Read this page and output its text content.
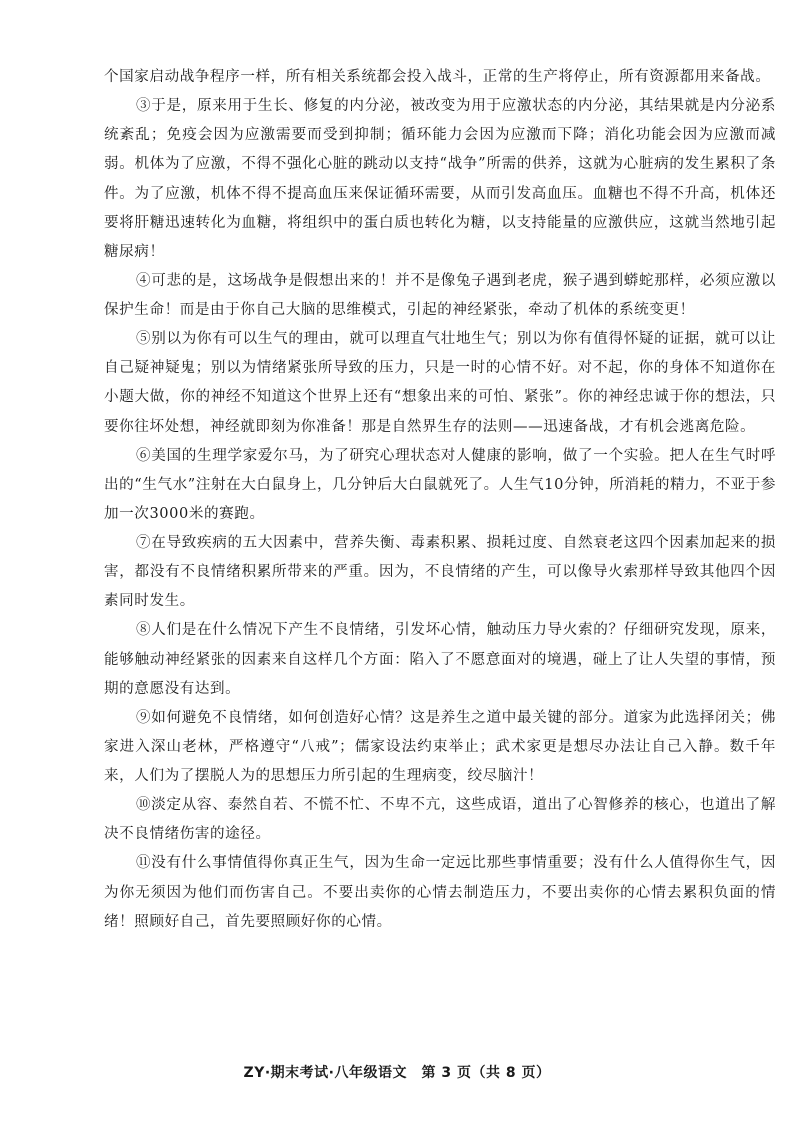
个国家启动战争程序一样，所有相关系统都会投入战斗，正常的生产将停止，所有资源都用来备战。

③于是，原来用于生长、修复的内分泌，被改变为用于应激状态的内分泌，其结果就是内分泌系统紊乱；免疫会因为应激需要而受到抑制；循环能力会因为应激而下降；消化功能会因为应激而减弱。机体为了应激，不得不强化心脏的跳动以支持“战争”所需的供养，这就为心脏病的发生累积了条件。为了应激，机体不得不提高血压来保证循环需要，从而引发高血压。血糖也不得不升高，机体还要将肝糖迅速转化为血糖，将组织中的蛋白质也转化为糖，以支持能量的应激供应，这就当然地引起糖尿病！

④可悲的是，这场战争是假想出来的！并不是像兔子遇到老虎，猴子遇到蟒蛇那样，必须应激以保护生命！而是由于你自己大脑的思维模式，引起的神经紧张，牵动了机体的系统变更！

⑤别以为你有可以生气的理由，就可以理直气壮地生气；别以为你有值得怀疑的证据，就可以让自己疑神疑鬼；别以为情绪紧张所导致的压力，只是一时的心情不好。对不起，你的身体不知道你在小题大做，你的神经不知道这个世界上还有“想象出来的可怕、紧张”。你的神经忠诚于你的想法，只要你往坏处想，神经就即刻为你准备！那是自然界生存的法则——迅速备战，才有机会逃离危险。

⑥美国的生理学家爱尔马，为了研究心理状态对人健康的影响，做了一个实验。把人在生气时呼出的“生气水”注射在大白鼠身上，几分钟后大白鼠就死了。人生气10分钟，所消耗的精力，不亚于参加一次3000米的赛跑。

⑦在导致疾病的五大因素中，营养失衡、毒素积累、损耗过度、自然衰老这四个因素加起来的损害，都没有不良情绪积累所带来的严重。因为，不良情绪的产生，可以像导火索那样导致其他四个因素同时发生。

⑧人们是在什么情况下产生不良情绪，引发坏心情，触动压力导火索的？仔细研究发现，原来，能够触动神经紧张的因素来自这样几个方面：陷入了不愿意面对的境遇，碰上了让人失望的事情，预期的意愿没有达到。

⑨如何避免不良情绪，如何创造好心情？这是养生之道中最关键的部分。道家为此选择闭关；佛家进入深山老林，严格遵守“八戒”；儒家设法约束举止；武术家更是想尽办法让自己入静。数千年来，人们为了摆脱人为的思想压力所引起的生理病变，绞尽脑汁！

⑩淡定从容、泰然自若、不慌不忙、不卑不亢，这些成语，道出了心智修养的核心，也道出了解决不良情绪伤害的途径。

⑪没有什么事情值得你真正生气，因为生命一定远比那些事情重要；没有什么人值得你生气，因为你无须因为他们而伤害自己。不要出卖你的心情去制造压力，不要出卖你的心情去累积负面的情绪！照顾好自己，首先要照顾好你的心情。

ZY·期末考试·八年级语文　第 3 页（共 8 页）
